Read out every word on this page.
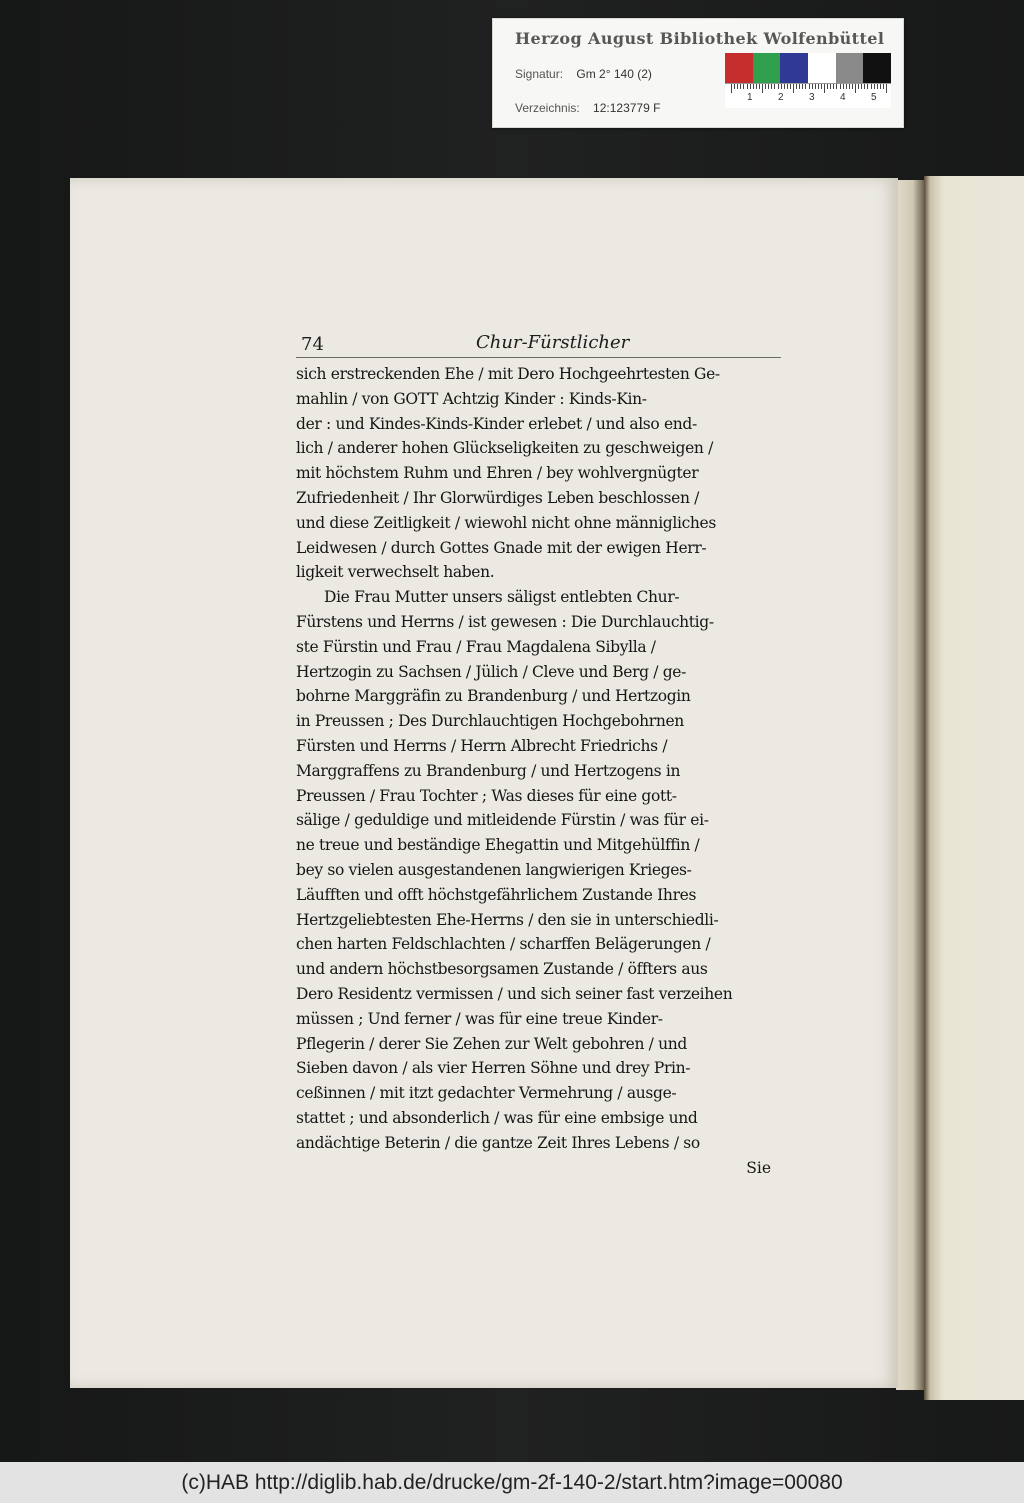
Herzog August Bibliothek Wolfenbüttel
Signatur: Gm 2° 140 (2)
Verzeichnis: 12:123779 F
1	2	3	4	5
74	Chur-Fürstlicher
sich erstreckenden Ehe / mit Dero Hochgeehrtesten Ge-
mahlin / von GOTT Achtzig Kinder : Kinds-Kin-
der : und Kindes-Kinds-Kinder erlebet / und also end-
lich / anderer hohen Glückseligkeiten zu geschweigen /
mit höchstem Ruhm und Ehren / bey wohlvergnügter
Zufriedenheit / Ihr Glorwürdiges Leben beschlossen /
und diese Zeitligkeit / wiewohl nicht ohne männigliches
Leidwesen / durch Gottes Gnade mit der ewigen Herr-
ligkeit verwechselt haben.
Die Frau Mutter unsers säligst entlebten Chur-
Fürstens und Herrns / ist gewesen : Die Durchlauchtig-
ste Fürstin und Frau / Frau Magdalena Sibylla /
Hertzogin zu Sachsen / Jülich / Cleve und Berg / ge-
bohrne Marggräfin zu Brandenburg / und Hertzogin
in Preussen ; Des Durchlauchtigen Hochgebohrnen
Fürsten und Herrns / Herrn Albrecht Friedrichs /
Marggraffens zu Brandenburg / und Hertzogens in
Preussen / Frau Tochter ; Was dieses für eine gott-
sälige / geduldige und mitleidende Fürstin / was für ei-
ne treue und beständige Ehegattin und Mitgehülffin /
bey so vielen ausgestandenen langwierigen Krieges-
Läufften und offt höchstgefährlichem Zustande Ihres
Hertzgeliebtesten Ehe-Herrns / den sie in unterschiedli-
chen harten Feldschlachten / scharffen Belägerungen /
und andern höchstbesorgsamen Zustande / öffters aus
Dero Residentz vermissen / und sich seiner fast verzeihen
müssen ; Und ferner / was für eine treue Kinder-
Pflegerin / derer Sie Zehen zur Welt gebohren / und
Sieben davon / als vier Herren Söhne und drey Prin-
ceßinnen / mit itzt gedachter Vermehrung / ausge-
stattet ; und absonderlich / was für eine embsige und
andächtige Beterin / die gantze Zeit Ihres Lebens / so
Sie
(c)HAB http://diglib.hab.de/drucke/gm-2f-140-2/start.htm?image=00080
